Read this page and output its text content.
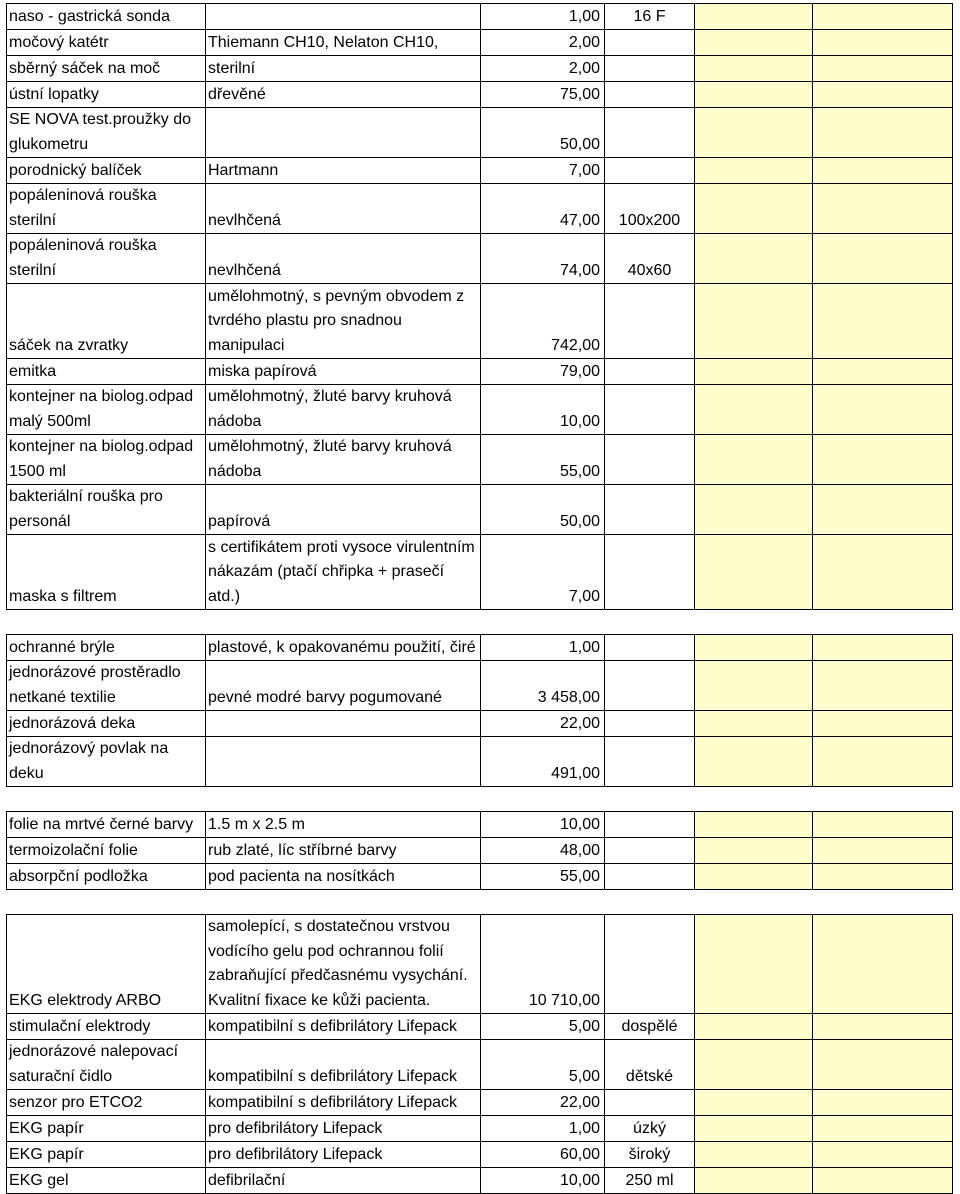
naso - gastrická sonda		1,00	16 F		
močový katétr	Thiemann CH10, Nelaton CH10,	2,00			
sběrný sáček na moč	sterilní	2,00			
ústní lopatky	dřevěné	75,00			
SE NOVA test.proužky do glukometru		50,00			
porodnický balíček	Hartmann	7,00			
popáleninová rouška sterilní	nevlhčená	47,00	100x200		
popáleninová rouška sterilní	nevlhčená	74,00	40x60		
sáček na zvratky	umělohmotný, s pevným obvodem z tvrdého plastu pro snadnou manipulaci	742,00			
emitka	miska papírová	79,00			
kontejner na biolog.odpad malý 500ml	umělohmotný, žluté barvy kruhová nádoba	10,00			
kontejner na biolog.odpad 1500 ml	umělohmotný, žluté barvy kruhová nádoba	55,00			
bakteriální rouška pro personál	papírová	50,00			
maska s filtrem	s certifikátem proti vysoce virulentním nákazám (ptačí chřipka + prasečí atd.)	7,00			

ochranné brýle	plastové, k opakovanému použití, čiré	1,00			
jednorázové prostěradlo netkané textilie	pevné modré barvy pogumované	3 458,00			
jednorázová deka		22,00			
jednorázový povlak na deku		491,00			

folie na mrtvé černé barvy	1.5 m x 2.5 m	10,00			
termoizolační folie	rub zlaté, líc stříbrné barvy	48,00			
absorpční podložka	pod pacienta na nosítkách	55,00			

EKG elektrody ARBO	samolepící, s dostatečnou vrstvou vodícího gelu pod ochrannou folií zabraňující předčasnému vysychání. Kvalitní fixace ke kůži pacienta.	10 710,00			
stimulační elektrody	kompatibilní s defibrilátory Lifepack	5,00	dospělé		
jednorázové nalepovací saturační čidlo	kompatibilní s defibrilátory Lifepack	5,00	dětské		
senzor pro ETCO2	kompatibilní s defibrilátory Lifepack	22,00			
EKG papír	pro defibrilátory Lifepack	1,00	úzký		
EKG papír	pro defibrilátory Lifepack	60,00	široký		
EKG gel	defibrilační	10,00	250 ml		
